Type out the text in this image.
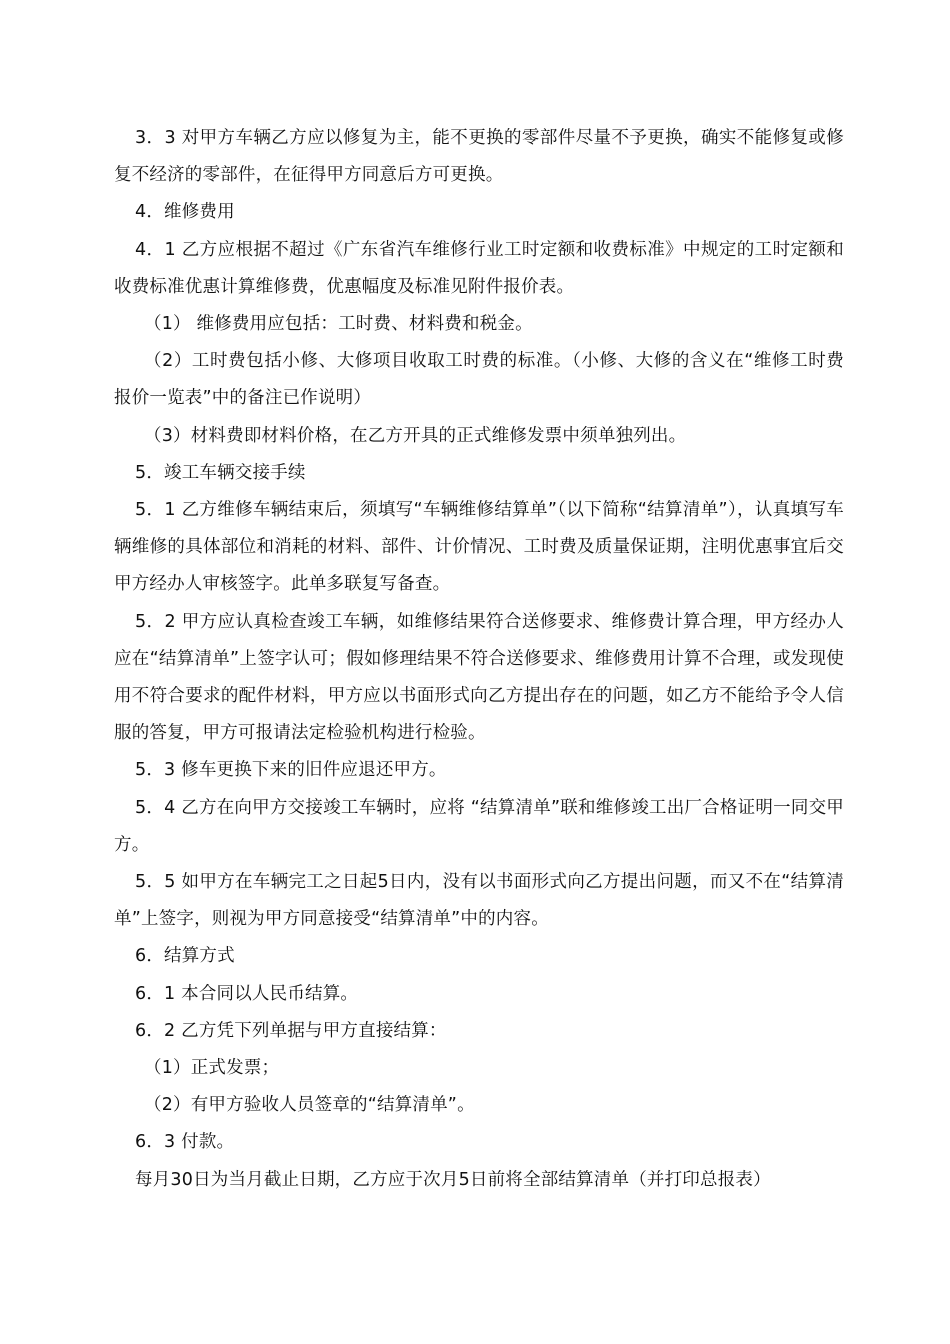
3．3 对甲方车辆乙方应以修复为主，能不更换的零部件尽量不予更换，确实不能修复或修复不经济的零部件，在征得甲方同意后方可更换。

4．维修费用

4．1 乙方应根据不超过《广东省汽车维修行业工时定额和收费标准》中规定的工时定额和收费标准优惠计算维修费，优惠幅度及标准见附件报价表。

（1） 维修费用应包括：工时费、材料费和税金。

（2）工时费包括小修、大修项目收取工时费的标准。（小修、大修的含义在“维修工时费报价一览表”中的备注已作说明）

（3）材料费即材料价格，在乙方开具的正式维修发票中须单独列出。

5．竣工车辆交接手续

5．1 乙方维修车辆结束后，须填写“车辆维修结算单”（以下简称“结算清单”），认真填写车辆维修的具体部位和消耗的材料、部件、计价情况、工时费及质量保证期，注明优惠事宜后交甲方经办人审核签字。此单多联复写备查。

5．2 甲方应认真检查竣工车辆，如维修结果符合送修要求、维修费计算合理，甲方经办人应在“结算清单”上签字认可；假如修理结果不符合送修要求、维修费用计算不合理，或发现使用不符合要求的配件材料，甲方应以书面形式向乙方提出存在的问题，如乙方不能给予令人信服的答复，甲方可报请法定检验机构进行检验。

5．3 修车更换下来的旧件应退还甲方。

5．4 乙方在向甲方交接竣工车辆时，应将 “结算清单”联和维修竣工出厂合格证明一同交甲方。

5．5 如甲方在车辆完工之日起5日内，没有以书面形式向乙方提出问题，而又不在“结算清单”上签字，则视为甲方同意接受“结算清单”中的内容。

6．结算方式

6．1 本合同以人民币结算。

6．2 乙方凭下列单据与甲方直接结算：

（1）正式发票；

（2）有甲方验收人员签章的“结算清单”。

6．3 付款。

每月30日为当月截止日期，乙方应于次月5日前将全部结算清单（并打印总报表）
